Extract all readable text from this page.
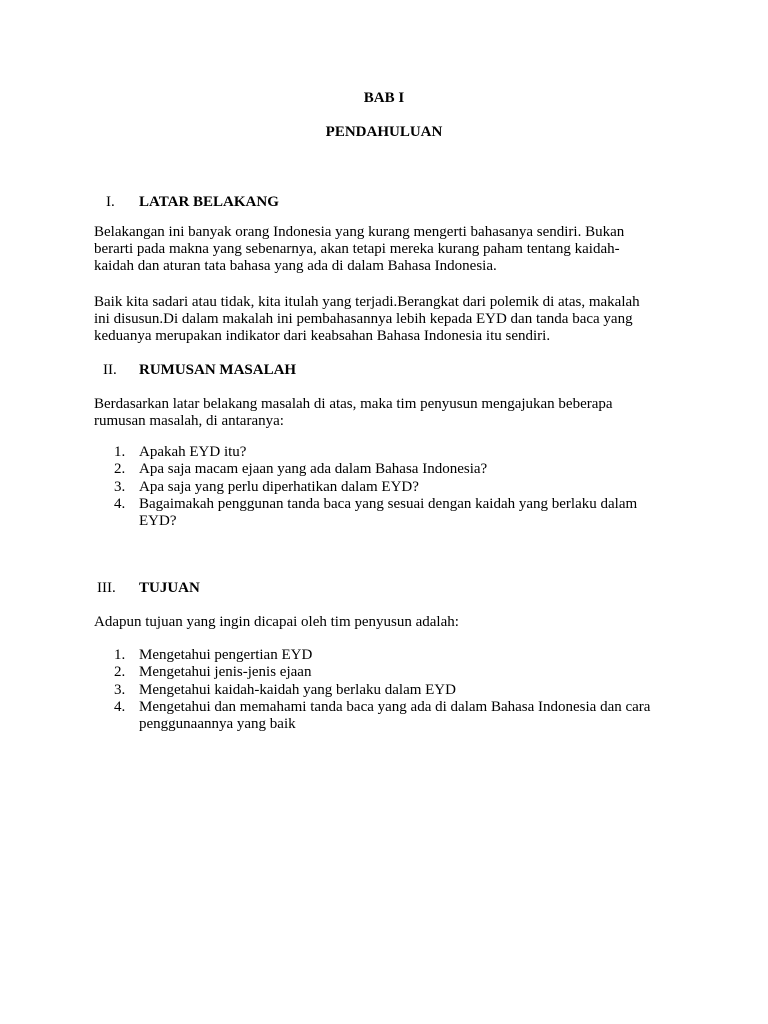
BAB I
PENDAHULUAN
I. LATAR BELAKANG

Belakangan ini banyak orang Indonesia yang kurang mengerti bahasanya sendiri. Bukan
berarti pada makna yang sebenarnya, akan tetapi mereka kurang paham tentang kaidah-
kaidah dan aturan tata bahasa yang ada di dalam Bahasa Indonesia.

Baik kita sadari atau tidak, kita itulah yang terjadi.Berangkat dari polemik di atas, makalah
ini disusun.Di dalam makalah ini pembahasannya lebih kepada EYD dan tanda baca yang
keduanya merupakan indikator dari keabsahan Bahasa Indonesia itu sendiri.

II. RUMUSAN MASALAH

Berdasarkan latar belakang masalah di atas, maka tim penyusun mengajukan beberapa
rumusan masalah, di antaranya:

1. Apakah EYD itu?
2. Apa saja macam ejaan yang ada dalam Bahasa Indonesia?
3. Apa saja yang perlu diperhatikan dalam EYD?
4. Bagaimakah penggunan tanda baca yang sesuai dengan kaidah yang berlaku dalam
EYD?
III. TUJUAN

Adapun tujuan yang ingin dicapai oleh tim penyusun adalah:

1. Mengetahui pengertian EYD
2. Mengetahui jenis-jenis ejaan
3. Mengetahui kaidah-kaidah yang berlaku dalam EYD
4. Mengetahui dan memahami tanda baca yang ada di dalam Bahasa Indonesia dan cara
penggunaannya yang baik
